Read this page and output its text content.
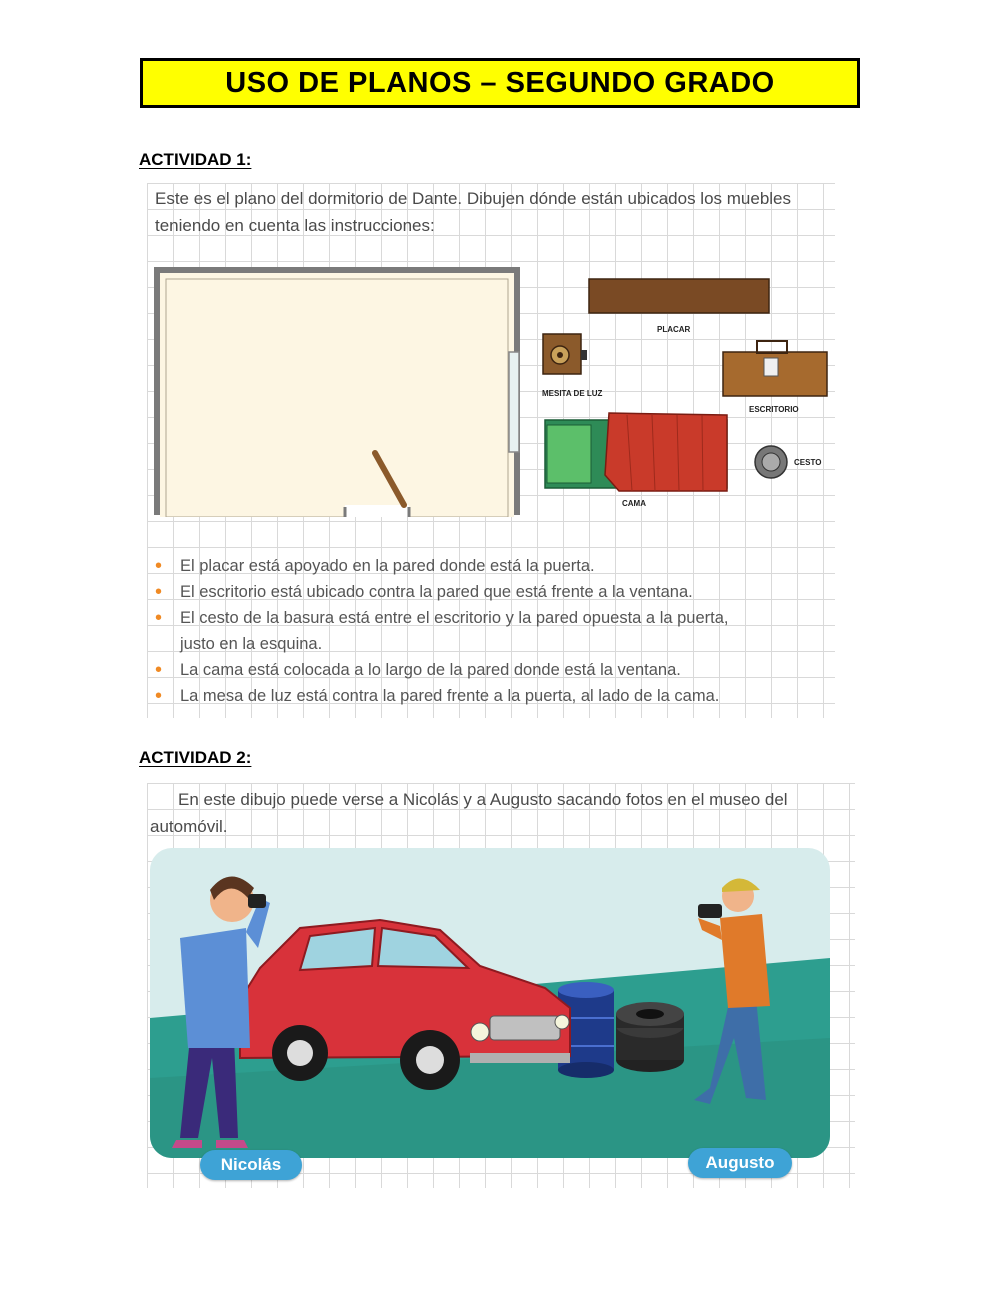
USO DE PLANOS – SEGUNDO GRADO
ACTIVIDAD 1:
Este es el plano del dormitorio de Dante. Dibujen dónde están ubicados los muebles
teniendo en cuenta las instrucciones:
PLACAR
MESITA DE LUZ
ESCRITORIO
CAMA
CESTO
• El placar está apoyado en la pared donde está la puerta.
• El escritorio está ubicado contra la pared que está frente a la ventana.
• El cesto de la basura está entre el escritorio y la pared opuesta a la puerta,
justo en la esquina.
• La cama está colocada a lo largo de la pared donde está la ventana.
• La mesa de luz está contra la pared frente a la puerta, al lado de la cama.
ACTIVIDAD 2:
En este dibujo puede verse a Nicolás y a Augusto sacando fotos en el museo del
automóvil.
Nicolás	Augusto
